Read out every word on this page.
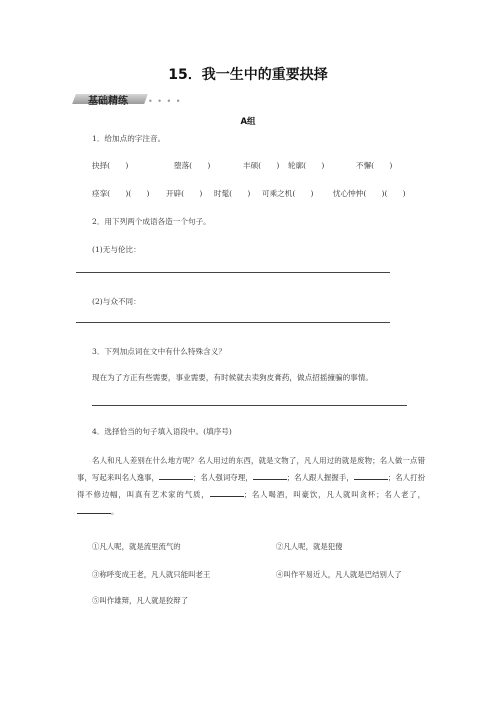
15．我一生中的重要抉择
基础精练	• • • •
A组
1．给加点的字注音。
抉择(　　)	堕落(　　)	丰硕(　　) 轮廓(　　)	不懈(　　)
痉挛(　　)(　　) 开辟(　　) 时髦(　　) 可乘之机(　　)	忧心忡忡(　　)(　　)
2．用下列两个成语各造一个句子。
(1)无与伦比：
(2)与众不同：
3．下列加点词在文中有什么特殊含义？
现在为了方正有些需要，事业需要，有时候就去卖狗皮膏药，做点招摇撞骗的事情。
4．选择恰当的句子填入语段中。(填序号)
名人和凡人差别在什么地方呢？名人用过的东西，就是文物了，凡人用过的就是废物；名人做一点错事，写起来叫名人逸事，	；名人强词夺理，	；名人跟人握握手，	；名人打扮得不修边幅，叫真有艺术家的气质，	；名人喝酒，叫豪饮，凡人就叫贪杯；名人老了，。
①凡人呢，就是流里流气的	②凡人呢，就是犯傻
③称呼变成王老，凡人就只能叫老王	④叫作平易近人，凡人就是巴结别人了
⑤叫作雄辩，凡人就是狡辩了
